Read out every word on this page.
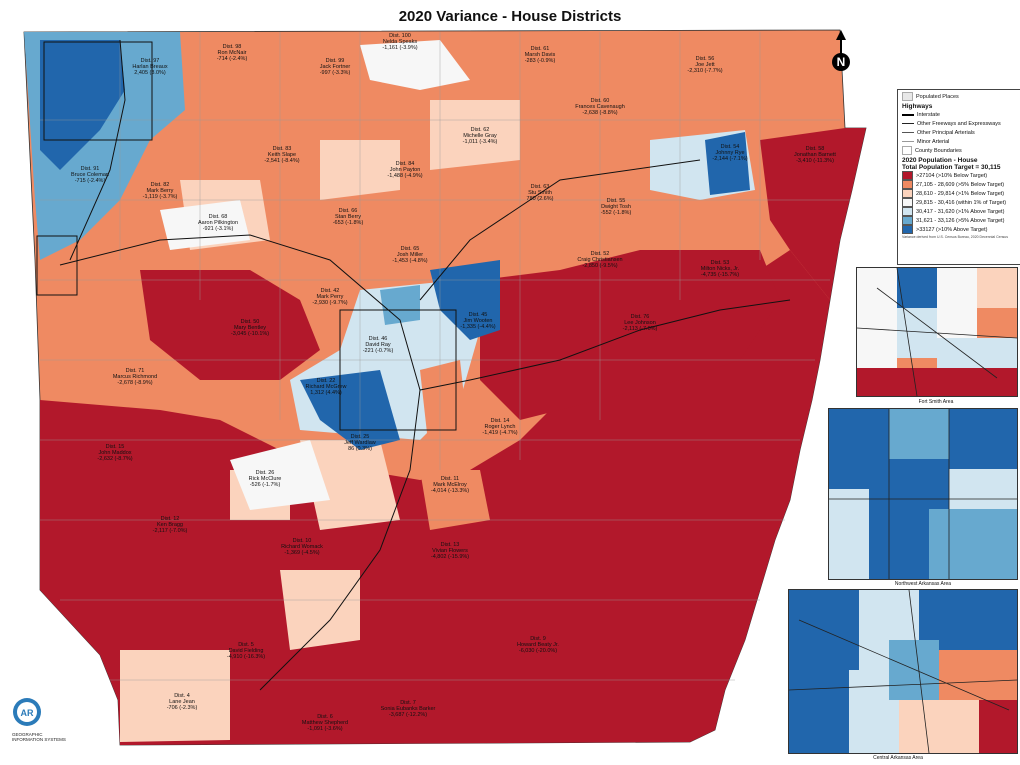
2020 Variance - House Districts
Dist. 100
Nelda Speaks
-1,161 (-3.9%)	Dist. 61
Marsh Davis
-283 (-0.9%)
Dist. 98
Ron McNair
-714 (-2.4%)	Dist. 99
Jack Fortner
-997 (-3.3%)
Dist. 97
Harlan Breaux
2,405 (8.0%)
Dist. 56
Joe Jett
-2,310 (-7.7%)
Dist. 60
Frances Cavenaugh
-2,638 (-8.8%)
Dist. 62
Michelle Gray
-1,011 (-3.4%)
Dist. 83
Keith Slape
-2,541 (-8.4%)	Dist. 84
John Payton
-1,488 (-4.9%)
Dist. 91
Bruce Coleman
-715 (-2.4%)
Dist. 82
Mark Berry
-1,119 (-3.7%)
Dist. 66
Stan Berry
-653 (-1.8%)
Dist. 68
Aaron Pilkington
-921 (-3.1%)
Dist. 63
Stu Smith
780 (2.6%)	Dist. 55
Dwight Tosh
-552 (-1.8%)
Dist. 65
Josh Miller
-1,453 (-4.8%)
Dist. 54
Johnny Rye
-2,144 (-7.1%)
Dist. 58
Jonathan Barnett
-3,410 (-11.3%)
Dist. 52
Craig Christiansen
-2,850 (-9.5%)	Dist. 53
Milton Nicks, Jr.
-4,735 (-15.7%)
Dist. 50
Mary Bentley
-3,045 (-10.1%)
Dist. 76
Lee Johnson
-2,113 (-7.0%)
Dist. 45
Jim Wooten
-1,335 (-4.4%)
Dist. 42
Mark Perry
-2,930 (-9.7%)
Dist. 46
David Ray
-221 (-0.7%)
Dist. 71
Marcus Richmond
-2,678 (-8.9%)	Dist. 22
Richard McGrew
1,312 (4.4%)
Dist. 14
Roger Lynch
-1,419 (-4.7%)
Dist. 25
Jeff Wardlaw
86 (0.3%)
Dist. 26
Rick McClure
-526 (-1.7%)
Dist. 11
Mark McElroy
-4,014 (-13.3%)
Dist. 15
John Maddox
-2,632 (-8.7%)
Dist. 12
Ken Bragg
-2,117 (-7.0%)
Dist. 10
Richard Womack
-1,369 (-4.5%)
Dist. 9
Howard Beaty Jr.
-6,030 (-20.0%)
Dist. 5
David Fielding
-4,910 (-16.3%)
Dist. 4
Lane Jean
-706 (-2.3%)
Dist. 6
Matthew Shepherd
-1,091 (-3.6%)
Dist. 7
Sonia Eubanks Barker
-3,687 (-12.2%)
Dist. 13
Vivian Flowers
-4,802 (-15.9%)
N
Populated Places
Highways
Interstate
Other Freeways and Expressways
Other Principal Arterials
Minor Arterial
County Boundaries
2020 Population - House
Total Population Target = 30,115
>27104 (>10% Below Target)
27,105 - 28,609 (>5% Below Target)
28,610 - 29,814 (>1% Below Target)
29,815 - 30,416 (within 1% of Target)
30,417 - 31,620 (>1% Above Target)
31,621 - 33,126 (>5% Above Target)
>33127 (>10% Above Target)
Variance derived from U.S. Census Bureau, 2020 Decennial Census
Fort Smith Area
Northwest Arkansas Area
Central Arkansas Area
AR
GEOGRAPHIC INFORMATION SYSTEMS
